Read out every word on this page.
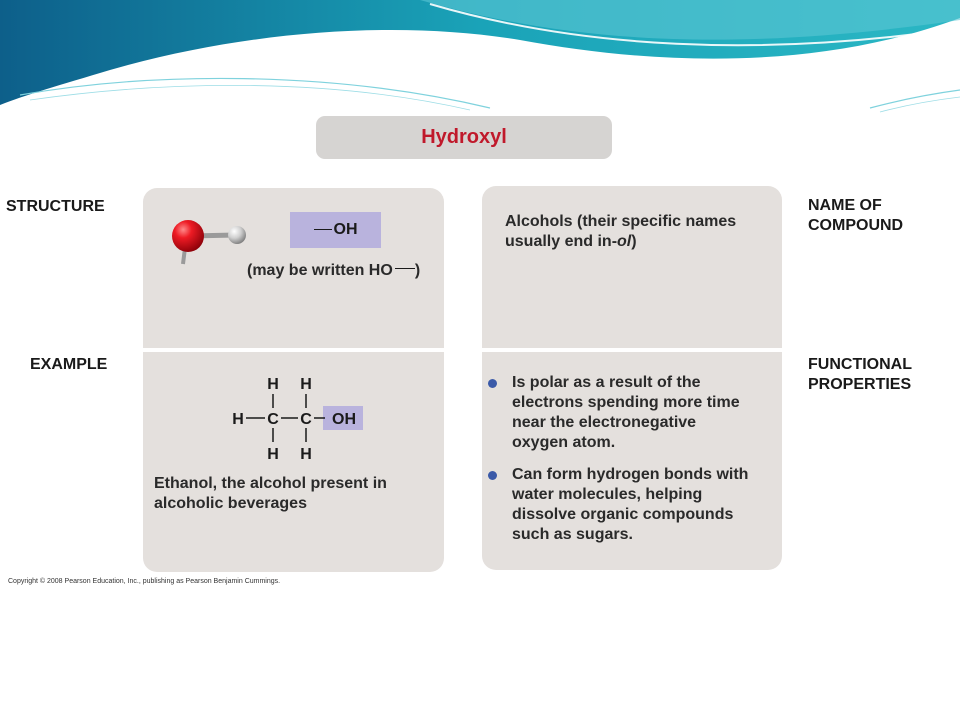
Hydroxyl
STRUCTURE
EXAMPLE
NAME OF
COMPOUND
FUNCTIONAL
PROPERTIES
OH
(may be written HO )
H H
H C C OH
H H
Ethanol, the alcohol present in
alcoholic beverages
Alcohols (their specific names
usually end in-ol)
Is polar as a result of the
electrons spending more time
near the electronegative
oxygen atom.
Can form hydrogen bonds with
water molecules, helping
dissolve organic compounds
such as sugars.
Copyright © 2008 Pearson Education, Inc., publishing as Pearson Benjamin Cummings.
